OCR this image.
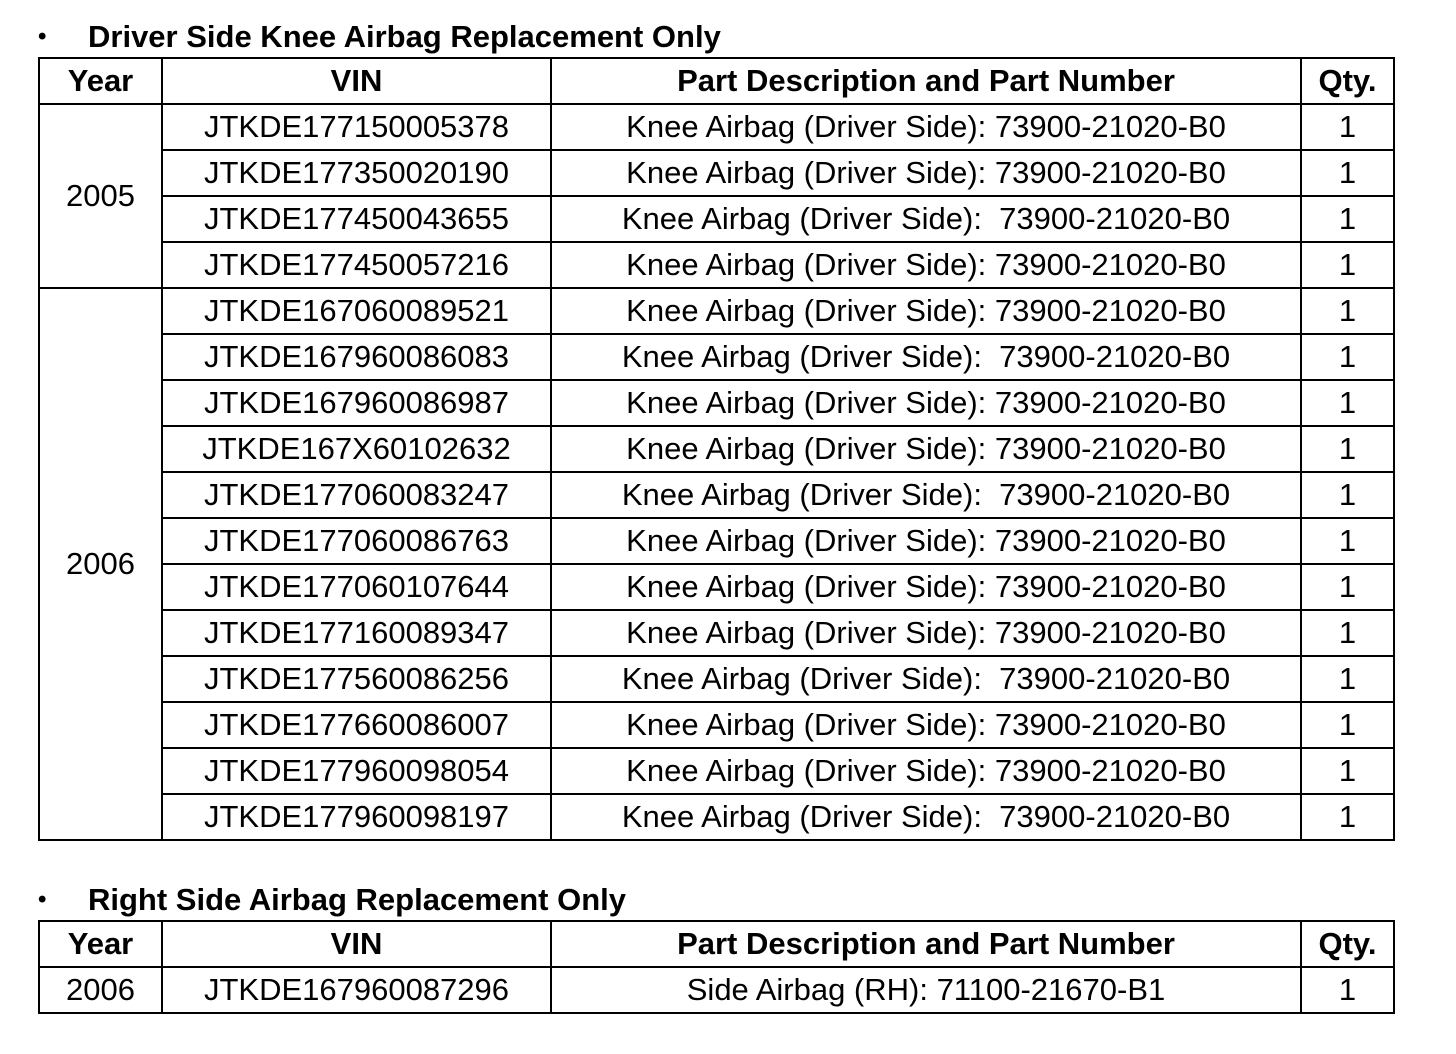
•	Driver Side Knee Airbag Replacement Only
Year	VIN	Part Description and Part Number	Qty.
2005	JTKDE177150005378	Knee Airbag (Driver Side): 73900-21020-B0	1
	JTKDE177350020190	Knee Airbag (Driver Side): 73900-21020-B0	1
	JTKDE177450043655	Knee Airbag (Driver Side):  73900-21020-B0	1
	JTKDE177450057216	Knee Airbag (Driver Side): 73900-21020-B0	1
2006	JTKDE167060089521	Knee Airbag (Driver Side): 73900-21020-B0	1
	JTKDE167960086083	Knee Airbag (Driver Side):  73900-21020-B0	1
	JTKDE167960086987	Knee Airbag (Driver Side): 73900-21020-B0	1
	JTKDE167X60102632	Knee Airbag (Driver Side): 73900-21020-B0	1
	JTKDE177060083247	Knee Airbag (Driver Side):  73900-21020-B0	1
	JTKDE177060086763	Knee Airbag (Driver Side): 73900-21020-B0	1
	JTKDE177060107644	Knee Airbag (Driver Side): 73900-21020-B0	1
	JTKDE177160089347	Knee Airbag (Driver Side): 73900-21020-B0	1
	JTKDE177560086256	Knee Airbag (Driver Side):  73900-21020-B0	1
	JTKDE177660086007	Knee Airbag (Driver Side): 73900-21020-B0	1
	JTKDE177960098054	Knee Airbag (Driver Side): 73900-21020-B0	1
	JTKDE177960098197	Knee Airbag (Driver Side):  73900-21020-B0	1
•	Right Side Airbag Replacement Only
Year	VIN	Part Description and Part Number	Qty.
2006	JTKDE167960087296	Side Airbag (RH): 71100-21670-B1	1
